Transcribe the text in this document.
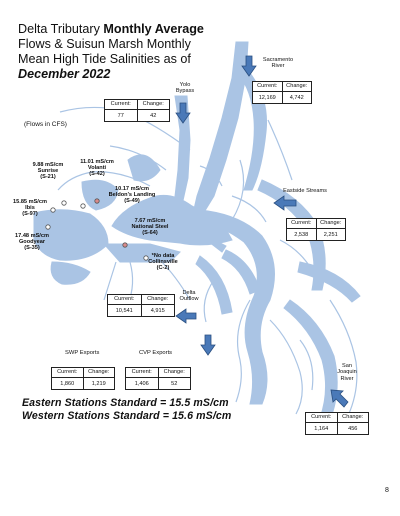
Delta Tributary Monthly Average
Flows & Suisun Marsh Monthly
Mean High Tide Salinities as of
December 2022
(Flows in CFS)
Sacramento
River
Current:
12,169
Change:
4,742
Yolo
Bypass
Current:
77
Change:
42
Eastside Streams
Current:
2,538
Change:
2,251
Delta
Outflow
Current:
10,541
Change:
4,915
SWP Exports
Current:
1,860
Change:
1,219
CVP Exports
Current:
1,406
Change:
52
San
Joaquin
River
Current:
1,164
Change:
456
9.88 mS/cm
Sunrise
(S-21)
11.01 mS/cm
Volanti
(S-42)
10.17 mS/cm
Beldon's Landing
(S-49)
15.85 mS/cm
Ibis
(S-97)
17.48 mS/cm
Goodyear
(S-35)
7.67 mS/cm
National Steel
(S-64)
*No data
Collinsville
(C-2)
Eastern Stations Standard = 15.5 mS/cm
Western Stations Standard = 15.6 mS/cm
8
